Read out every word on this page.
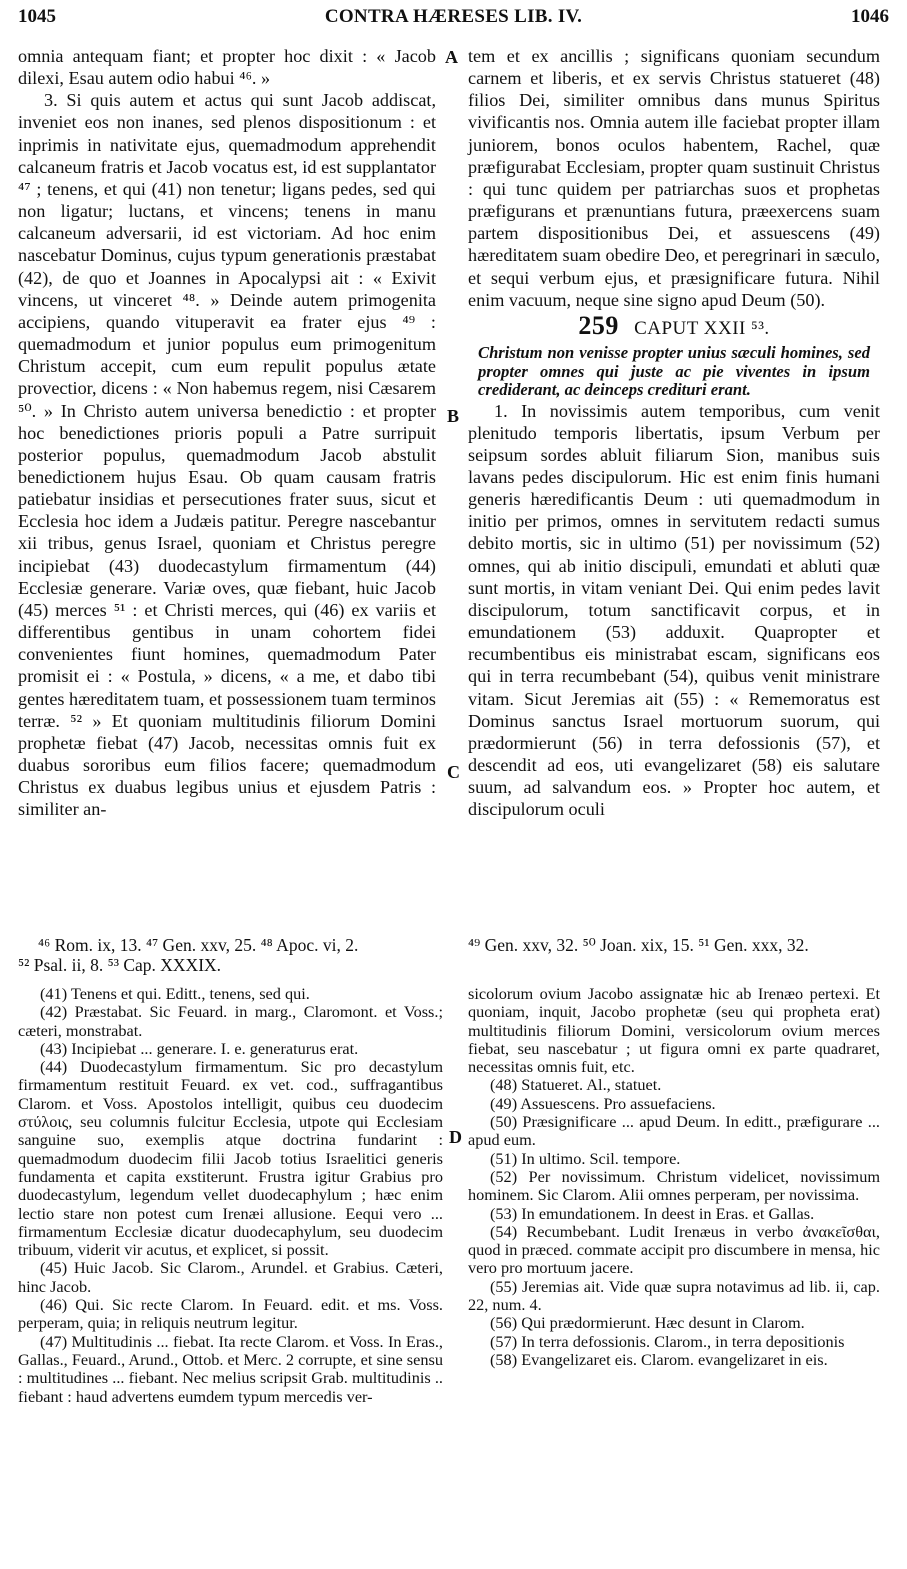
1045	CONTRA HÆRESES LIB. IV.	1046
A
B
C
D

omnia antequam fiant; et propter hoc dixit : « Jacob dilexi, Esau autem odio habui ⁴⁶. »

3. Si quis autem et actus qui sunt Jacob addiscat, inveniet eos non inanes, sed plenos dispositionum : et inprimis in nativitate ejus, quemadmodum apprehendit calcaneum fratris et Jacob vocatus est, id est supplantator ⁴⁷ ; tenens, et qui (41) non tenetur; ligans pedes, sed qui non ligatur; luctans, et vincens; tenens in manu calcaneum adversarii, id est victoriam. Ad hoc enim nascebatur Dominus, cujus typum generationis præstabat (42), de quo et Joannes in Apocalypsi ait : « Exivit vincens, ut vinceret ⁴⁸. » Deinde autem primogenita accipiens, quando vituperavit ea frater ejus ⁴⁹ : quemadmodum et junior populus eum primogenitum Christum accepit, cum eum repulit populus ætate provectior, dicens : « Non habemus regem, nisi Cæsarem ⁵⁰. » In Christo autem universa benedictio : et propter hoc benedictiones prioris populi a Patre surripuit posterior populus, quemadmodum Jacob abstulit benedictionem hujus Esau. Ob quam causam fratris patiebatur insidias et persecutiones frater suus, sicut et Ecclesia hoc idem a Judæis patitur. Peregre nascebantur xii tribus, genus Israel, quoniam et Christus peregre incipiebat (43) duodecastylum firmamentum (44) Ecclesiæ generare. Variæ oves, quæ fiebant, huic Jacob (45) merces ⁵¹ : et Christi merces, qui (46) ex variis et differentibus gentibus in unam cohortem fidei convenientes fiunt homines, quemadmodum Pater promisit ei : « Postula, » dicens, « a me, et dabo tibi gentes hæreditatem tuam, et possessionem tuam terminos terræ. ⁵² » Et quoniam multitudinis filiorum Domini prophetæ fiebat (47) Jacob, necessitas omnis fuit ex duabus sororibus eum filios facere; quemadmodum Christus ex duabus legibus unius et ejusdem Patris : similiter an-

tem et ex ancillis ; significans quoniam secundum carnem et liberis, et ex servis Christus statueret (48) filios Dei, similiter omnibus dans munus Spiritus vivificantis nos. Omnia autem ille faciebat propter illam juniorem, bonos oculos habentem, Rachel, quæ præfigurabat Ecclesiam, propter quam sustinuit Christus : qui tunc quidem per patriarchas suos et prophetas præfigurans et prænuntians futura, præexercens suam partem dispositionibus Dei, et assuescens (49) hæreditatem suam obedire Deo, et peregrinari in sæculo, et sequi verbum ejus, et præsignificare futura. Nihil enim vacuum, neque sine signo apud Deum (50).

259 CAPUT XXII ⁵³.

Christum non venisse propter unius sæculi homines, sed propter omnes qui juste ac pie viventes in ipsum crediderant, ac deinceps credituri erant.

1. In novissimis autem temporibus, cum venit plenitudo temporis libertatis, ipsum Verbum per seipsum sordes abluit filiarum Sion, manibus suis lavans pedes discipulorum. Hic est enim finis humani generis hæredificantis Deum : uti quemadmodum in initio per primos, omnes in servitutem redacti sumus debito mortis, sic in ultimo (51) per novissimum (52) omnes, qui ab initio discipuli, emundati et abluti quæ sunt mortis, in vitam veniant Dei. Qui enim pedes lavit discipulorum, totum sanctificavit corpus, et in emundationem (53) adduxit. Quapropter et recumbentibus eis ministrabat escam, significans eos qui in terra recumbebant (54), quibus venit ministrare vitam. Sicut Jeremias ait (55) : « Rememoratus est Dominus sanctus Israel mortuorum suorum, qui prædormierunt (56) in terra defossionis (57), et descendit ad eos, uti evangelizaret (58) eis salutare suum, ad salvandum eos. » Propter hoc autem, et discipulorum oculi

⁴⁶ Rom. ix, 13. ⁴⁷ Gen. xxv, 25. ⁴⁸ Apoc. vi, 2.
⁵² Psal. ii, 8. ⁵³ Cap. XXXIX.
⁴⁹ Gen. xxv, 32. ⁵⁰ Joan. xix, 15. ⁵¹ Gen. xxx, 32.

(41) Tenens et qui. Editt., tenens, sed qui.

(42) Præstabat. Sic Feuard. in marg., Claromont. et Voss.; cæteri, monstrabat.

(43) Incipiebat ... generare. I. e. generaturus erat.

(44) Duodecastylum firmamentum. Sic pro decastylum firmamentum restituit Feuard. ex vet. cod., suffragantibus Clarom. et Voss. Apostolos intelligit, quibus ceu duodecim στύλοις, seu columnis fulcitur Ecclesia, utpote qui Ecclesiam sanguine suo, exemplis atque doctrina fundarint : quemadmodum duodecim filii Jacob totius Israelitici generis fundamenta et capita exstiterunt. Frustra igitur Grabius pro duodecastylum, legendum vellet duodecaphylum ; hæc enim lectio stare non potest cum Irenæi allusione. Eequi vero ... firmamentum Ecclesiæ dicatur duodecaphylum, seu duodecim tribuum, viderit vir acutus, et explicet, si possit.

(45) Huic Jacob. Sic Clarom., Arundel. et Grabius. Cæteri, hinc Jacob.

(46) Qui. Sic recte Clarom. In Feuard. edit. et ms. Voss. perperam, quia; in reliquis neutrum legitur.

(47) Multitudinis ... fiebat. Ita recte Clarom. et Voss. In Eras., Gallas., Feuard., Arund., Ottob. et Merc. 2 corrupte, et sine sensu : multitudines ... fiebant. Nec melius scripsit Grab. multitudinis .. fiebant : haud advertens eumdem typum mercedis ver-

sicolorum ovium Jacobo assignatæ hic ab Irenæo pertexi. Et quoniam, inquit, Jacobo prophetæ (seu qui propheta erat) multitudinis filiorum Domini, versicolorum ovium merces fiebat, seu nascebatur ; ut figura omni ex parte quadraret, necessitas omnis fuit, etc.

(48) Statueret. Al., statuet.

(49) Assuescens. Pro assuefaciens.

(50) Præsignificare ... apud Deum. In editt., præfigurare ... apud eum.

(51) In ultimo. Scil. tempore.

(52) Per novissimum. Christum videlicet, novissimum hominem. Sic Clarom. Alii omnes perperam, per novissima.

(53) In emundationem. In deest in Eras. et Gallas.

(54) Recumbebant. Ludit Irenæus in verbo ἀνακεῖσθαι, quod in præced. commate accipit pro discumbere in mensa, hic vero pro mortuum jacere.

(55) Jeremias ait. Vide quæ supra notavimus ad lib. ii, cap. 22, num. 4.

(56) Qui prædormierunt. Hæc desunt in Clarom.

(57) In terra defossionis. Clarom., in terra depositionis

(58) Evangelizaret eis. Clarom. evangelizaret in eis.
